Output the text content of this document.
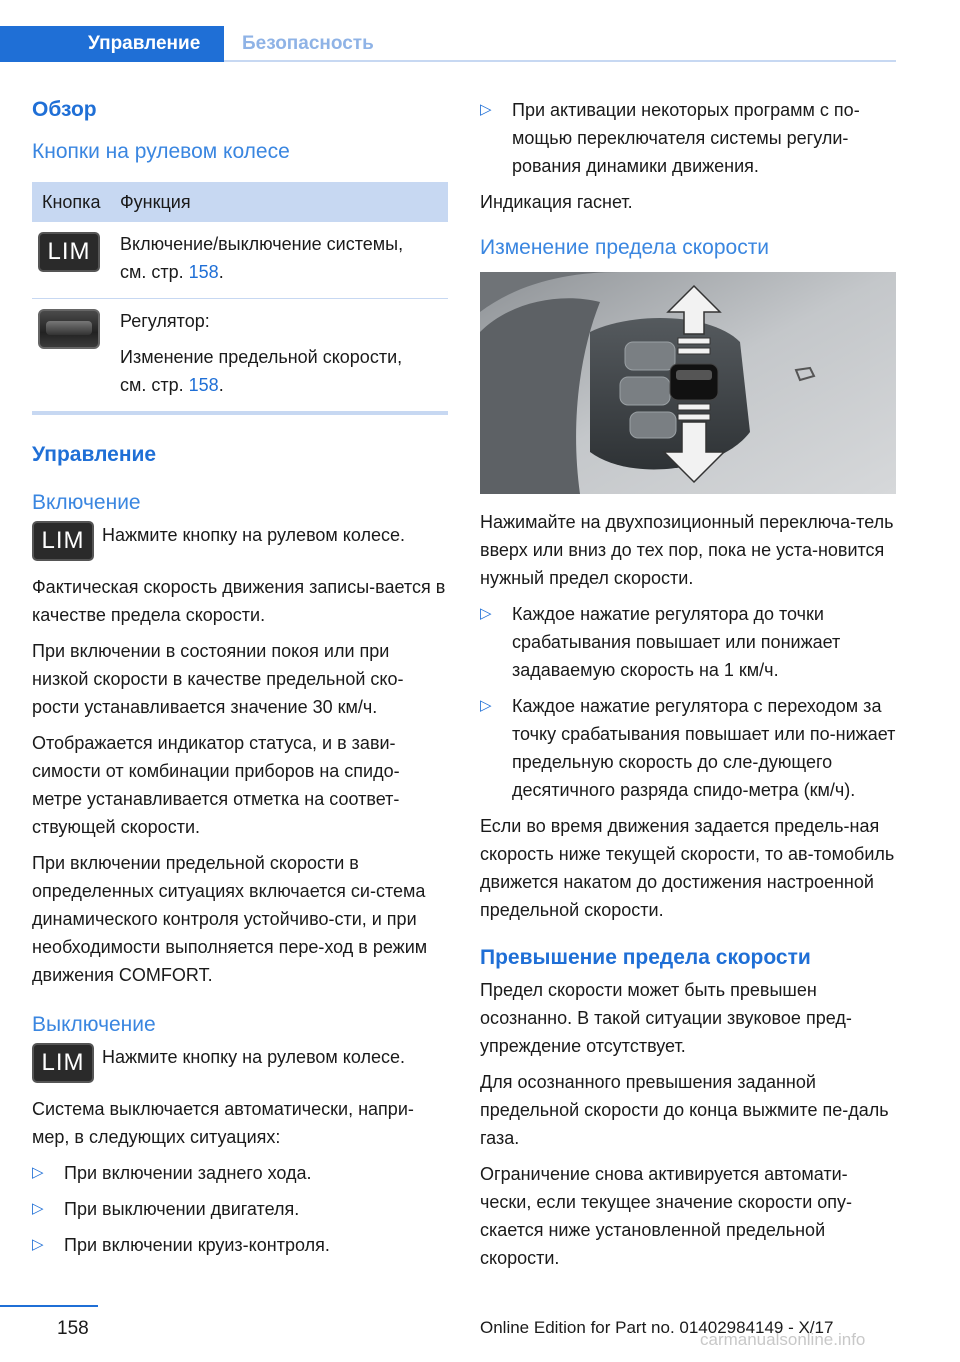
Управление	Безопасность
Обзор
Кнопки на рулевом колесе
Кнопка	Функция
LIM	Включение/выключение системы,
см. стр. 158.
	Регулятор:
Изменение предельной скорости,
см. стр. 158.
Управление
Включение
LIM Нажмите кнопку на рулевом колесе.

Фактическая скорость движения записы-вается в качестве предела скорости.

При включении в состоянии покоя или при низкой скорости в качестве предельной ско-рости устанавливается значение 30 км/ч.

Отображается индикатор статуса, и в зави-симости от комбинации приборов на спидо-метре устанавливается отметка на соответ-ствующей скорости.

При включении предельной скорости в определенных ситуациях включается си-стема динамического контроля устойчиво-сти, и при необходимости выполняется пере-ход в режим движения COMFORT.

Выключение
LIM Нажмите кнопку на рулевом колесе.

Система выключается автоматически, напри-мер, в следующих ситуациях:

▷ При включении заднего хода.
▷ При выключении двигателя.
▷ При включении круиз-контроля.
▷ При активации некоторых программ с по-мощью переключателя системы регули-рования динамики движения.

Индикация гаснет.

Изменение предела скорости

Нажимайте на двухпозиционный переключа-тель вверх или вниз до тех пор, пока не уста-новится нужный предел скорости.

▷ Каждое нажатие регулятора до точки срабатывания повышает или понижает задаваемую скорость на 1 км/ч.
▷ Каждое нажатие регулятора с переходом за точку срабатывания повышает или по-нижает предельную скорость до сле-дующего десятичного разряда спидо-метра (км/ч).

Если во время движения задается предель-ная скорость ниже текущей скорости, то ав-томобиль движется накатом до достижения настроенной предельной скорости.

Превышение предела скорости

Предел скорости может быть превышен осознанно. В такой ситуации звуковое пред-упреждение отсутствует.

Для осознанного превышения заданной предельной скорости до конца выжмите пе-даль газа.

Ограничение снова активируется автомати-чески, если текущее значение скорости опу-скается ниже установленной предельной скорости.

158	Online Edition for Part no. 01402984149 - X/17
carmanualsonline.info
